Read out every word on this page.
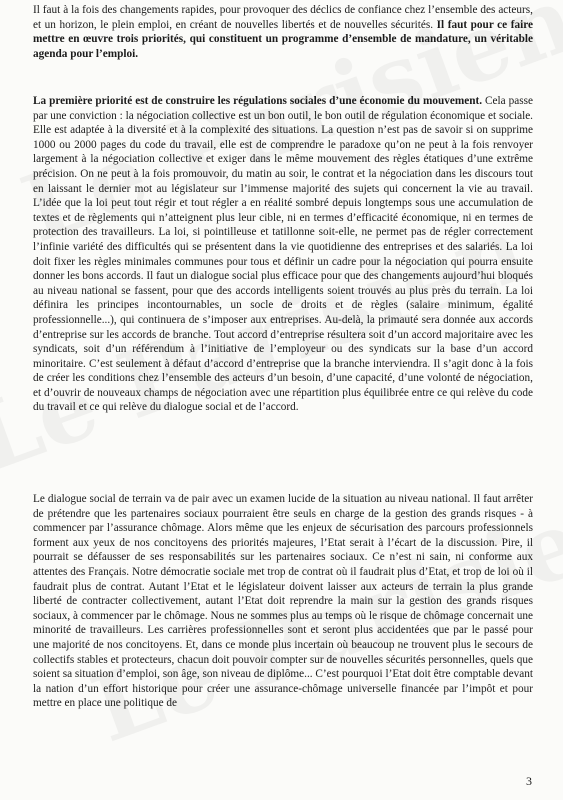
Il faut à la fois des changements rapides, pour provoquer des déclics de confiance chez l’ensemble des acteurs, et un horizon, le plein emploi, en créant de nouvelles libertés et de nouvelles sécurités. Il faut pour ce faire mettre en œuvre trois priorités, qui constituent un programme d’ensemble de mandature, un véritable agenda pour l’emploi.

La première priorité est de construire les régulations sociales d’une économie du mouvement. Cela passe par une conviction : la négociation collective est un bon outil, le bon outil de régulation économique et sociale. Elle est adaptée à la diversité et à la complexité des situations. La question n’est pas de savoir si on supprime 1000 ou 2000 pages du code du travail, elle est de comprendre le paradoxe qu’on ne peut à la fois renvoyer largement à la négociation collective et exiger dans le même mouvement des règles étatiques d’une extrême précision. On ne peut à la fois promouvoir, du matin au soir, le contrat et la négociation dans les discours tout en laissant le dernier mot au législateur sur l’immense majorité des sujets qui concernent la vie au travail. L’idée que la loi peut tout régir et tout régler a en réalité sombré depuis longtemps sous une accumulation de textes et de règlements qui n’atteignent plus leur cible, ni en termes d’efficacité économique, ni en termes de protection des travailleurs. La loi, si pointilleuse et tatillonne soit-elle, ne permet pas de régler correctement l’infinie variété des difficultés qui se présentent dans la vie quotidienne des entreprises et des salariés. La loi doit fixer les règles minimales communes pour tous et définir un cadre pour la négociation qui pourra ensuite donner les bons accords. Il faut un dialogue social plus efficace pour que des changements aujourd’hui bloqués au niveau national se fassent, pour que des accords intelligents soient trouvés au plus près du terrain. La loi définira les principes incontournables, un socle de droits et de règles (salaire minimum, égalité professionnelle...), qui continuera de s’imposer aux entreprises. Au-delà, la primauté sera donnée aux accords d’entreprise sur les accords de branche. Tout accord d’entreprise résultera soit d’un accord majoritaire avec les syndicats, soit d’un référendum à l’initiative de l’employeur ou des syndicats sur la base d’un accord minoritaire. C’est seulement à défaut d’accord d’entreprise que la branche interviendra. Il s’agit donc à la fois de créer les conditions chez l’ensemble des acteurs d’un besoin, d’une capacité, d’une volonté de négociation, et d’ouvrir de nouveaux champs de négociation avec une répartition plus équilibrée entre ce qui relève du code du travail et ce qui relève du dialogue social et de l’accord.

Le dialogue social de terrain va de pair avec un examen lucide de la situation au niveau national. Il faut arrêter de prétendre que les partenaires sociaux pourraient être seuls en charge de la gestion des grands risques - à commencer par l’assurance chômage. Alors même que les enjeux de sécurisation des parcours professionnels forment aux yeux de nos concitoyens des priorités majeures, l’Etat serait à l’écart de la discussion. Pire, il pourrait se défausser de ses responsabilités sur les partenaires sociaux. Ce n’est ni sain, ni conforme aux attentes des Français. Notre démocratie sociale met trop de contrat où il faudrait plus d’Etat, et trop de loi où il faudrait plus de contrat. Autant l’Etat et le législateur doivent laisser aux acteurs de terrain la plus grande liberté de contracter collectivement, autant l’Etat doit reprendre la main sur la gestion des grands risques sociaux, à commencer par le chômage. Nous ne sommes plus au temps où le risque de chômage concernait une minorité de travailleurs. Les carrières professionnelles sont et seront plus accidentées que par le passé pour une majorité de nos concitoyens. Et, dans ce monde plus incertain où beaucoup ne trouvent plus le secours de collectifs stables et protecteurs, chacun doit pouvoir compter sur de nouvelles sécurités personnelles, quels que soient sa situation d’emploi, son âge, son niveau de diplôme... C’est pourquoi l’Etat doit être comptable devant la nation d’un effort historique pour créer une assurance-chômage universelle financée par l’impôt et pour mettre en place une politique de

3
